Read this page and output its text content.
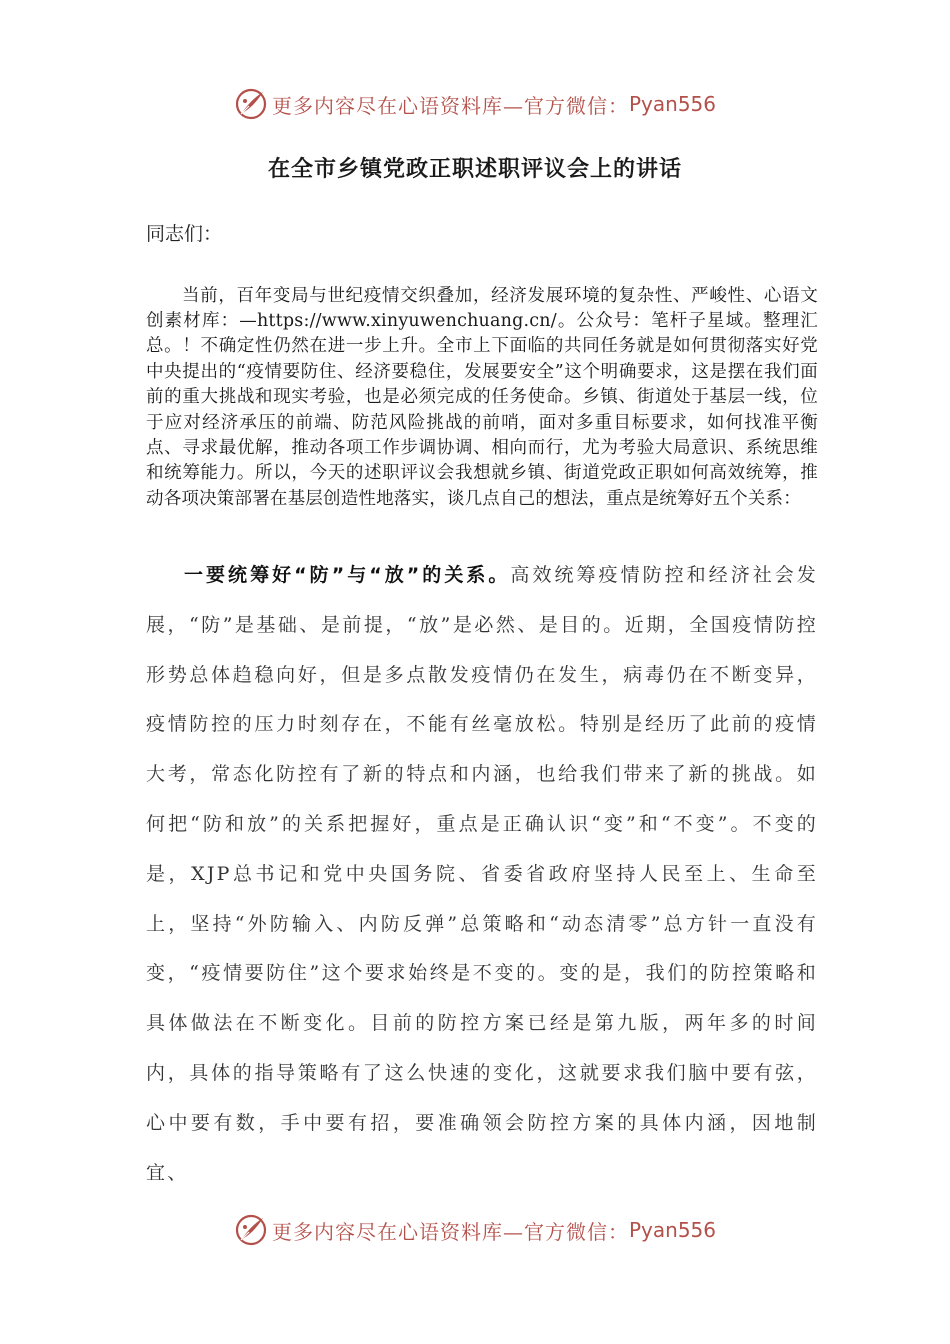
更多内容尽在心语资料库 —官方微信： Pyan556
在全市乡镇党政正职述职评议会上的讲话
同志们：

当前，百年变局与世纪疫情交织叠加，经济发展环境的复杂性、严峻性、心语文创素材库：—https://www.xinyuwenchuang.cn/。公众号：笔杆子星域。整理汇总。！不确定性仍然在进一步上升。全市上下面临的共同任务就是如何贯彻落实好党中央提出的“疫情要防住、经济要稳住，发展要安全”这个明确要求，这是摆在我们面前的重大挑战和现实考验，也是必须完成的任务使命。乡镇、街道处于基层一线，位于应对经济承压的前端、防范风险挑战的前哨，面对多重目标要求，如何找准平衡点、寻求最优解，推动各项工作步调协调、相向而行，尤为考验大局意识、系统思维和统筹能力。所以，今天的述职评议会我想就乡镇、街道党政正职如何高效统筹，推动各项决策部署在基层创造性地落实，谈几点自己的想法，重点是统筹好五个关系：

一要统筹好“防”与“放”的关系。高效统筹疫情防控和经济社会发展，“防”是基础、是前提，“放”是必然、是目的。近期，全国疫情防控形势总体趋稳向好，但是多点散发疫情仍在发生，病毒仍在不断变异，疫情防控的压力时刻存在，不能有丝毫放松。特别是经历了此前的疫情大考，常态化防控有了新的特点和内涵，也给我们带来了新的挑战。如何把“防和放”的关系把握好，重点是正确认识“变”和“不变”。不变的是，XJP总书记和党中央国务院、省委省政府坚持人民至上、生命至上，坚持“外防输入、内防反弹”总策略和“动态清零”总方针一直没有变，“疫情要防住”这个要求始终是不变的。变的是，我们的防控策略和具体做法在不断变化。目前的防控方案已经是第九版，两年多的时间内，具体的指导策略有了这么快速的变化，这就要求我们脑中要有弦，心中要有数，手中要有招，要准确领会防控方案的具体内涵，因地制宜、

更多内容尽在心语资料库 —官方微信： Pyan556
